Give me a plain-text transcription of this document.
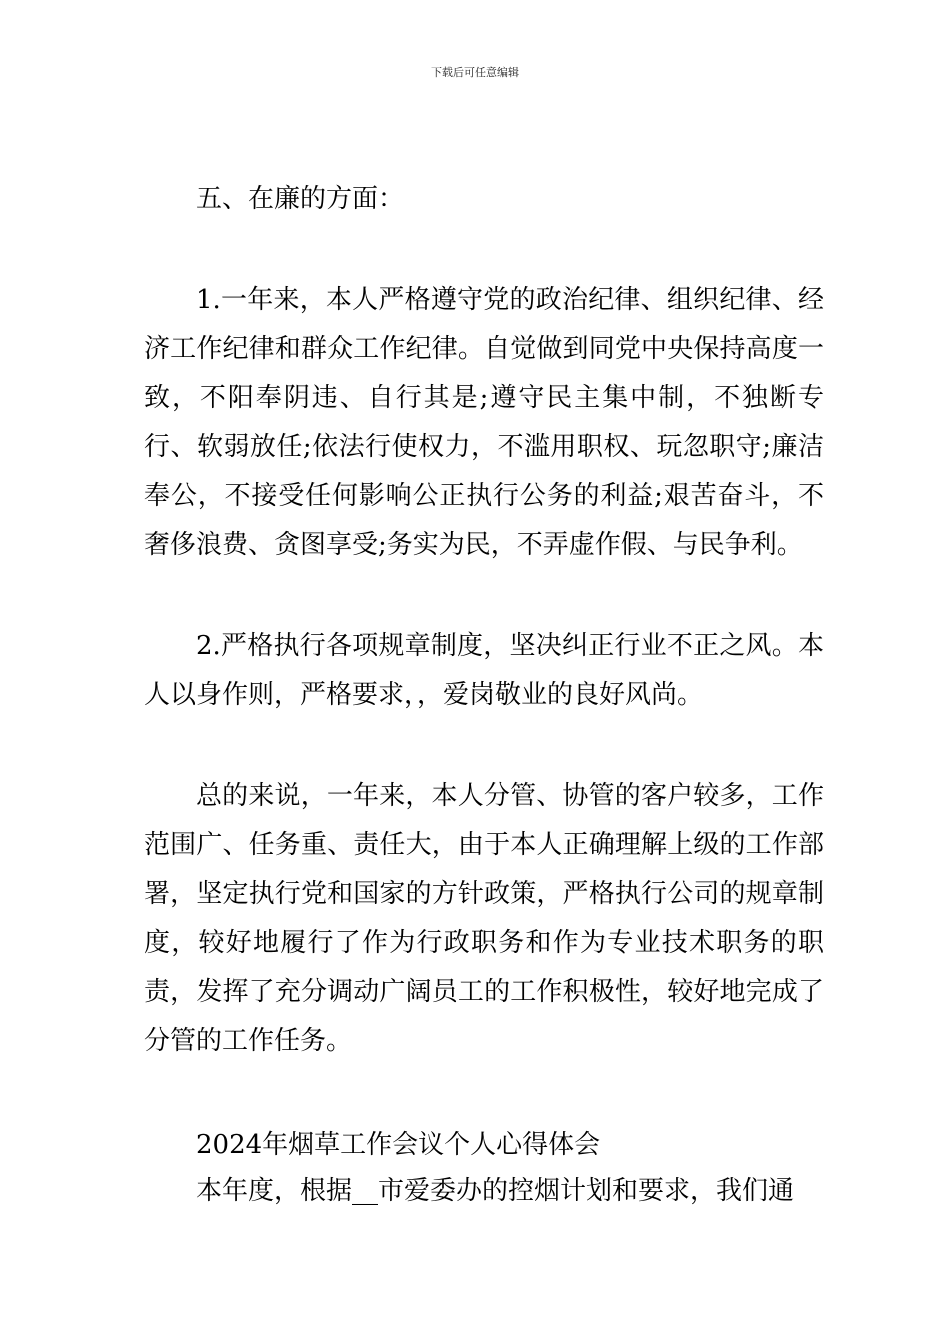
下载后可任意编辑

五、在廉的方面：

1.一年来，本人严格遵守党的政治纪律、组织纪律、经济工作纪律和群众工作纪律。自觉做到同党中央保持高度一致，不阳奉阴违、自行其是;遵守民主集中制，不独断专行、软弱放任;依法行使权力，不滥用职权、玩忽职守;廉洁奉公，不接受任何影响公正执行公务的利益;艰苦奋斗，不奢侈浪费、贪图享受;务实为民，不弄虚作假、与民争利。

2.严格执行各项规章制度，坚决纠正行业不正之风。本人以身作则，严格要求，，爱岗敬业的良好风尚。

总的来说，一年来，本人分管、协管的客户较多，工作范围广、任务重、责任大，由于本人正确理解上级的工作部署，坚定执行党和国家的方针政策，严格执行公司的规章制度，较好地履行了作为行政职务和作为专业技术职务的职责，发挥了充分调动广阔员工的工作积极性，较好地完成了分管的工作任务。

2024年烟草工作会议个人心得体会

本年度，根据__市爱委办的控烟计划和要求，我们通
